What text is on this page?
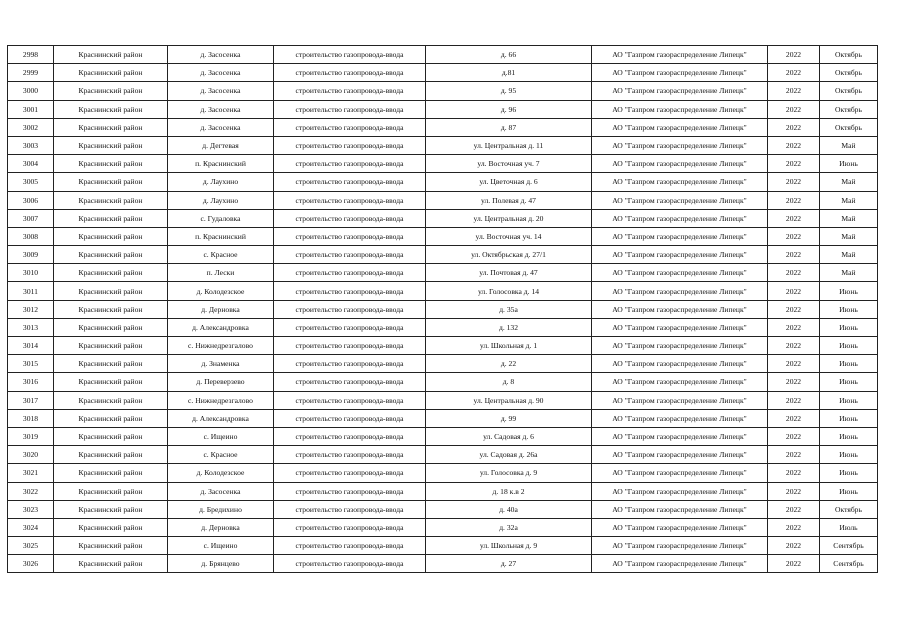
2998	Краснинский район	д. Засосенка	строительство газопровода-ввода	д. 66	АО "Газпром газораспределение Липецк"	2022	Октябрь
2999	Краснинский район	д. Засосенка	строительство газопровода-ввода	д.81	АО "Газпром газораспределение Липецк"	2022	Октябрь
3000	Краснинский район	д. Засосенка	строительство газопровода-ввода	д. 95	АО "Газпром газораспределение Липецк"	2022	Октябрь
3001	Краснинский район	д. Засосенка	строительство газопровода-ввода	д. 96	АО "Газпром газораспределение Липецк"	2022	Октябрь
3002	Краснинский район	д. Засосенка	строительство газопровода-ввода	д. 87	АО "Газпром газораспределение Липецк"	2022	Октябрь
3003	Краснинский район	д. Дегтевая	строительство газопровода-ввода	ул. Центральная д. 11	АО "Газпром газораспределение Липецк"	2022	Май
3004	Краснинский район	п. Краснинский	строительство газопровода-ввода	ул. Восточная уч. 7	АО "Газпром газораспределение Липецк"	2022	Июнь
3005	Краснинский район	д. Лаухино	строительство газопровода-ввода	ул. Цветочная д. 6	АО "Газпром газораспределение Липецк"	2022	Май
3006	Краснинский район	д. Лаухино	строительство газопровода-ввода	ул. Полевая д. 47	АО "Газпром газораспределение Липецк"	2022	Май
3007	Краснинский район	с. Гудаловка	строительство газопровода-ввода	ул. Центральная д. 20	АО "Газпром газораспределение Липецк"	2022	Май
3008	Краснинский район	п. Краснинский	строительство газопровода-ввода	ул. Восточная уч. 14	АО "Газпром газораспределение Липецк"	2022	Май
3009	Краснинский район	с. Красное	строительство газопровода-ввода	ул. Октябрьская д. 27/1	АО "Газпром газораспределение Липецк"	2022	Май
3010	Краснинский район	п. Лески	строительство газопровода-ввода	ул. Почтовая д. 47	АО "Газпром газораспределение Липецк"	2022	Май
3011	Краснинский район	д. Колодезское	строительство газопровода-ввода	ул. Голосовка д. 14	АО "Газпром газораспределение Липецк"	2022	Июнь
3012	Краснинский район	д. Дерновка	строительство газопровода-ввода	д. 35а	АО "Газпром газораспределение Липецк"	2022	Июнь
3013	Краснинский район	д. Александровка	строительство газопровода-ввода	д. 132	АО "Газпром газораспределение Липецк"	2022	Июнь
3014	Краснинский район	с. Нижнедрезгалово	строительство газопровода-ввода	ул. Школьная д. 1	АО "Газпром газораспределение Липецк"	2022	Июнь
3015	Краснинский район	д. Знаменка	строительство газопровода-ввода	д. 22	АО "Газпром газораспределение Липецк"	2022	Июнь
3016	Краснинский район	д. Переверзево	строительство газопровода-ввода	д. 8	АО "Газпром газораспределение Липецк"	2022	Июнь
3017	Краснинский район	с. Нижнедрезгалово	строительство газопровода-ввода	ул. Центральная д. 90	АО "Газпром газораспределение Липецк"	2022	Июнь
3018	Краснинский район	д. Александровка	строительство газопровода-ввода	д. 99	АО "Газпром газораспределение Липецк"	2022	Июнь
3019	Краснинский район	с. Ищеино	строительство газопровода-ввода	ул. Садовая д. 6	АО "Газпром газораспределение Липецк"	2022	Июнь
3020	Краснинский район	с. Красное	строительство газопровода-ввода	ул. Садовая д. 26а	АО "Газпром газораспределение Липецк"	2022	Июнь
3021	Краснинский район	д. Колодезское	строительство газопровода-ввода	ул. Голосовка д. 9	АО "Газпром газораспределение Липецк"	2022	Июнь
3022	Краснинский район	д. Засосенка	строительство газопровода-ввода	д. 18 к.в 2	АО "Газпром газораспределение Липецк"	2022	Июнь
3023	Краснинский район	д. Бредихино	строительство газопровода-ввода	д. 40а	АО "Газпром газораспределение Липецк"	2022	Октябрь
3024	Краснинский район	д. Дерновка	строительство газопровода-ввода	д. 32а	АО "Газпром газораспределение Липецк"	2022	Июль
3025	Краснинский район	с. Ищеино	строительство газопровода-ввода	ул. Школьная д. 9	АО "Газпром газораспределение Липецк"	2022	Сентябрь
3026	Краснинский район	д. Брянцево	строительство газопровода-ввода	д. 27	АО "Газпром газораспределение Липецк"	2022	Сентябрь
